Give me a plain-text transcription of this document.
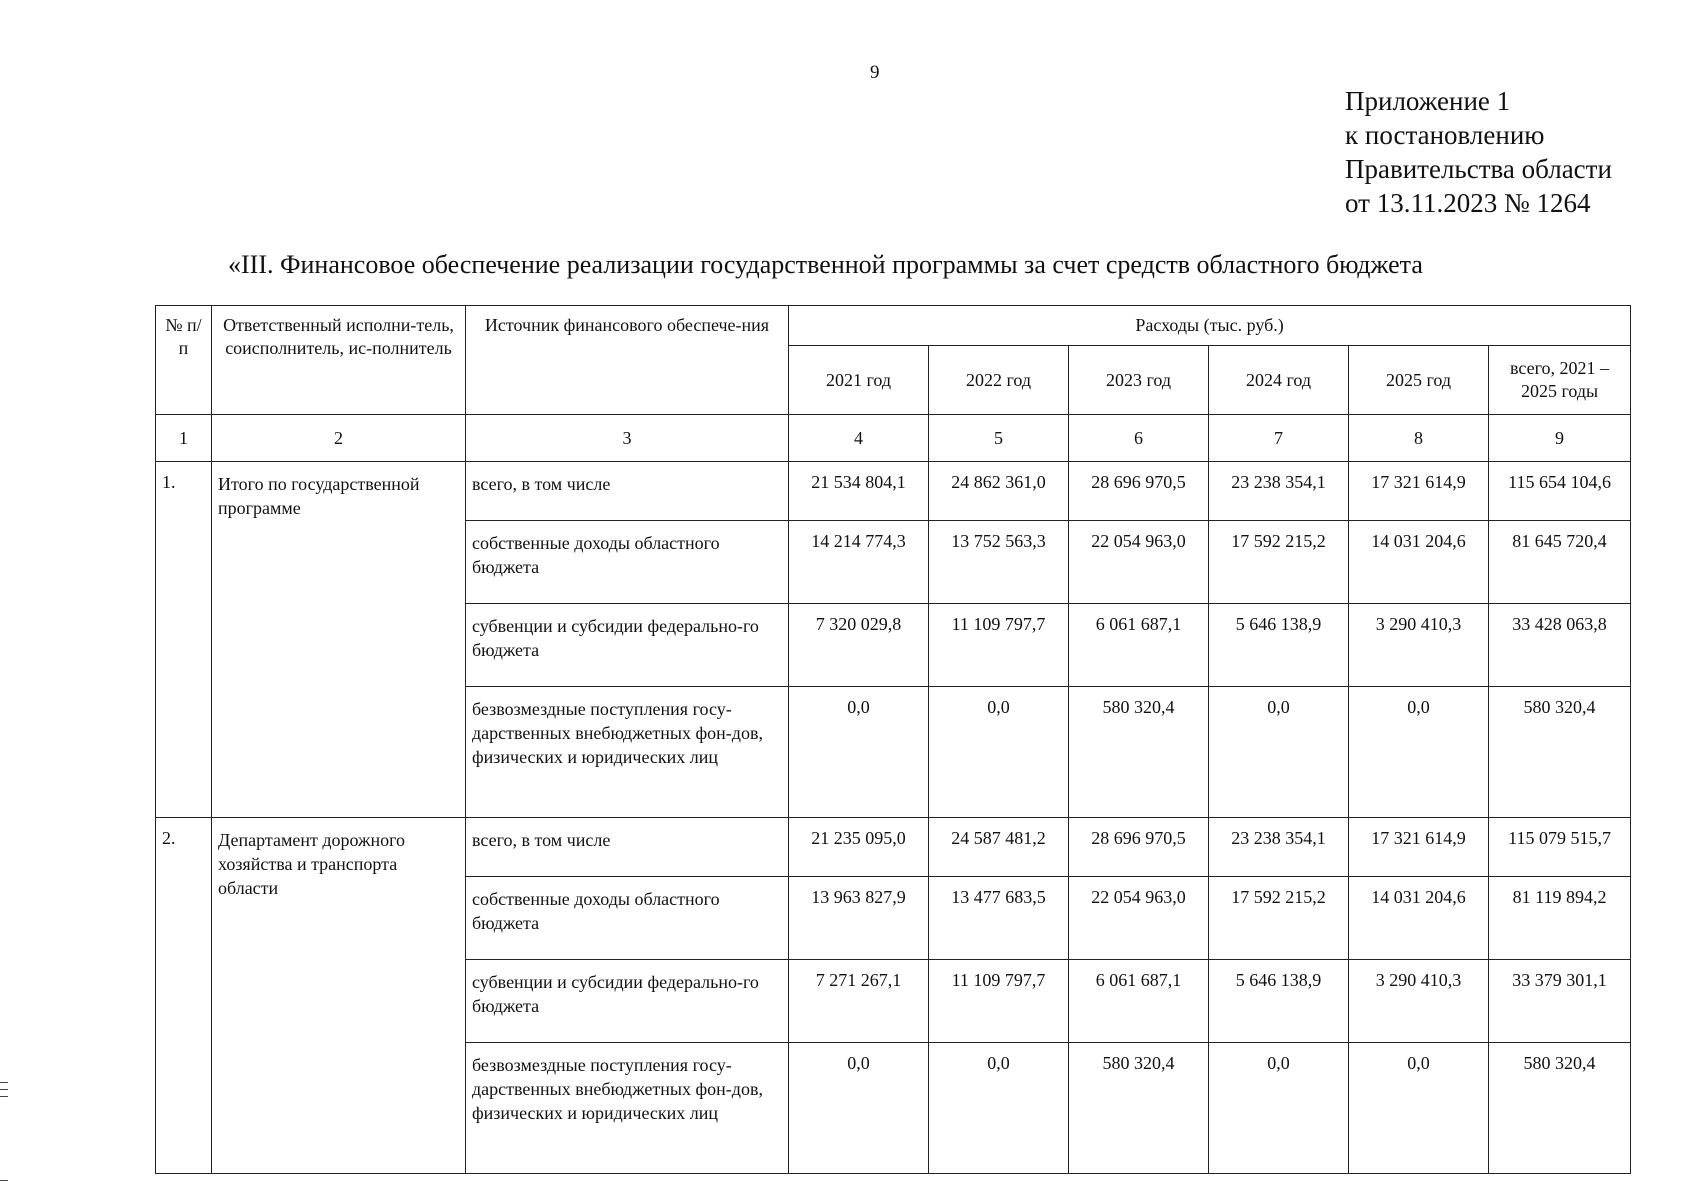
9
Приложение 1
к постановлению
Правительства области
от 13.11.2023 № 1264
«III. Финансовое обеспечение реализации государственной программы за счет средств областного бюджета
№ п/п	Ответственный исполни-тель, соисполнитель, ис-полнитель	Источник финансового обеспече-ния	Расходы (тыс. руб.)					
			2021 год	2022 год	2023 год	2024 год	2025 год	всего, 2021 – 2025 годы
1	2	3	4	5	6	7	8	9
1.	Итого по государственной программе	всего, в том числе	21 534 804,1	24 862 361,0	28 696 970,5	23 238 354,1	17 321 614,9	115 654 104,6
		собственные доходы областного бюджета	14 214 774,3	13 752 563,3	22 054 963,0	17 592 215,2	14 031 204,6	81 645 720,4
		субвенции и субсидии федерально-го бюджета	7 320 029,8	11 109 797,7	6 061 687,1	5 646 138,9	3 290 410,3	33 428 063,8
		безвозмездные поступления госу-дарственных внебюджетных фон-дов, физических и юридических лиц	0,0	0,0	580 320,4	0,0	0,0	580 320,4
2.	Департамент дорожного хозяйства и транспорта области	всего, в том числе	21 235 095,0	24 587 481,2	28 696 970,5	23 238 354,1	17 321 614,9	115 079 515,7
		собственные доходы областного бюджета	13 963 827,9	13 477 683,5	22 054 963,0	17 592 215,2	14 031 204,6	81 119 894,2
		субвенции и субсидии федерально-го бюджета	7 271 267,1	11 109 797,7	6 061 687,1	5 646 138,9	3 290 410,3	33 379 301,1
		безвозмездные поступления госу-дарственных внебюджетных фон-дов, физических и юридических лиц	0,0	0,0	580 320,4	0,0	0,0	580 320,4
